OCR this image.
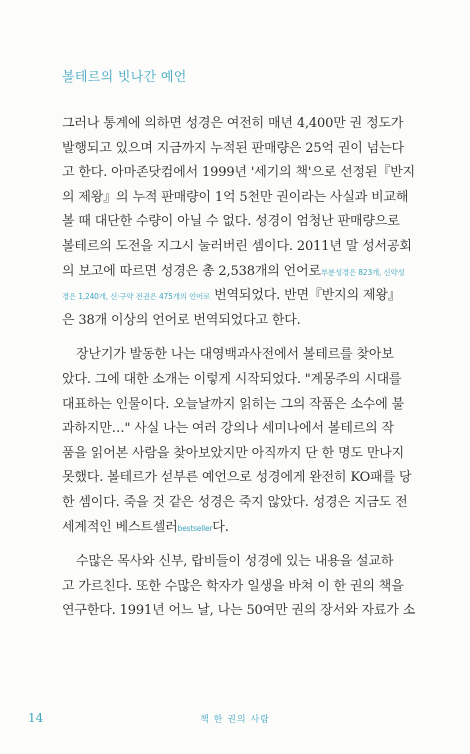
볼테르의 빗나간 예언
그러나 통계에 의하면 성경은 여전히 매년 4,400만 권 정도가
발행되고 있으며 지금까지 누적된 판매량은 25억 권이 넘는다
고 한다. 아마존닷컴에서 1999년 '세기의 책'으로 선정된『반지
의 제왕』의 누적 판매량이 1억 5천만 권이라는 사실과 비교해
볼 때 대단한 수량이 아닐 수 없다. 성경이 엄청난 판매량으로
볼테르의 도전을 지그시 눌러버린 셈이다. 2011년 말 성서공회
의 보고에 따르면 성경은 총 2,538개의 언어로부분성경은 823개, 신약성
경은 1,240개, 신·구약 전권은 475개의 언어로 번역되었다. 반면『반지의 제왕』
은 38개 이상의 언어로 번역되었다고 한다.
장난기가 발동한 나는 대영백과사전에서 볼테르를 찾아보
았다. 그에 대한 소개는 이렇게 시작되었다. "계몽주의 시대를
대표하는 인물이다. 오늘날까지 읽히는 그의 작품은 소수에 불
과하지만…" 사실 나는 여러 강의나 세미나에서 볼테르의 작
품을 읽어본 사람을 찾아보았지만 아직까지 단 한 명도 만나지
못했다. 볼테르가 섣부른 예언으로 성경에게 완전히 KO패를 당
한 셈이다. 죽을 것 같은 성경은 죽지 않았다. 성경은 지금도 전
세계적인 베스트셀러bestseller다.
수많은 목사와 신부, 랍비들이 성경에 있는 내용을 설교하
고 가르친다. 또한 수많은 학자가 일생을 바쳐 이 한 권의 책을
연구한다. 1991년 어느 날, 나는 50여만 권의 장서와 자료가 소
14	책 한 권의 사람
